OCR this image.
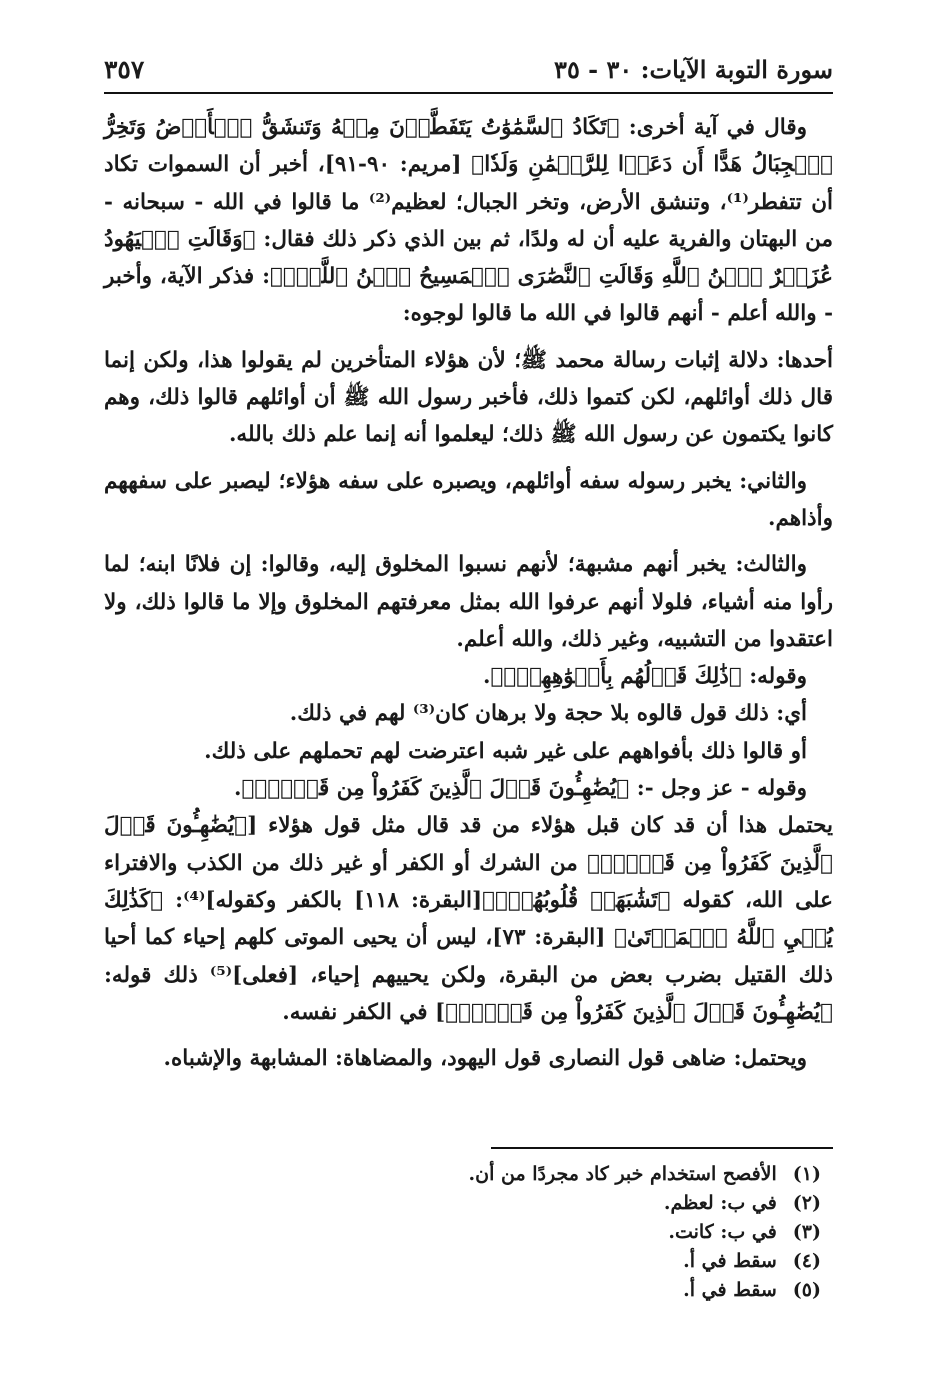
سورة التوبة الآيات: ٣٠ - ٣٥
٣٥٧

وقال في آية أخرى: ﴿تَكَادُ ٱلسَّمَٰوَٰتُ يَتَفَطَّرۡنَ مِنۡهُ وَتَنشَقُّ ٱلۡأَرۡضُ وَتَخِرُّ ٱلۡجِبَالُ هَدًّا أَن دَعَوۡا لِلرَّحۡمَٰنِ وَلَدٗا﴾ [مريم: ٩٠-٩١]، أخبر أن السموات تكاد أن تتفطر⁽¹⁾، وتنشق الأرض، وتخر الجبال؛ لعظيم⁽²⁾ ما قالوا في الله - سبحانه - من البهتان والفرية عليه أن له ولدًا، ثم بين الذي ذكر ذلك فقال: ﴿وَقَالَتِ ٱلۡيَهُودُ عُزَيۡرٌ ٱبۡنُ ٱللَّهِ وَقَالَتِ ٱلنَّصَٰرَى ٱلۡمَسِيحُ ٱبۡنُ ٱللَّهِۖ﴾: فذكر الآية، وأخبر - والله أعلم - أنهم قالوا في الله ما قالوا لوجوه:

أحدها: دلالة إثبات رسالة محمد ﷺ؛ لأن هؤلاء المتأخرين لم يقولوا هذا، ولكن إنما قال ذلك أوائلهم، لكن كتموا ذلك، فأخبر رسول الله ﷺ أن أوائلهم قالوا ذلك، وهم كانوا يكتمون عن رسول الله ﷺ ذلك؛ ليعلموا أنه إنما علم ذلك بالله.

والثاني: يخبر رسوله سفه أوائلهم، ويصبره على سفه هؤلاء؛ ليصبر على سفههم وأذاهم.

والثالث: يخبر أنهم مشبهة؛ لأنهم نسبوا المخلوق إليه، وقالوا: إن فلانًا ابنه؛ لما رأوا منه أشياء، فلولا أنهم عرفوا الله بمثل معرفتهم المخلوق وإلا ما قالوا ذلك، ولا اعتقدوا من التشبيه، وغير ذلك، والله أعلم.

وقوله: ﴿ذَٰلِكَ قَوۡلُهُم بِأَفۡوَٰهِهِمۡۖ﴾.

أي: ذلك قول قالوه بلا حجة ولا برهان كان⁽³⁾ لهم في ذلك.

أو قالوا ذلك بأفواههم على غير شبه اعترضت لهم تحملهم على ذلك.

وقوله - عز وجل -: ﴿يُضَٰهِـُٔونَ قَوۡلَ ٱلَّذِينَ كَفَرُواْ مِن قَبۡلُۚ﴾.

يحتمل هذا أن قد كان قبل هؤلاء من قد قال مثل قول هؤلاء [﴿يُضَٰهِـُٔونَ قَوۡلَ ٱلَّذِينَ كَفَرُواْ مِن قَبۡلُۚ﴾ من الشرك أو الكفر أو غير ذلك من الكذب والافتراء على الله، كقوله ﴿تَشَٰبَهَتۡ قُلُوبُهُمۡۗ﴾[البقرة: ١١٨] بالكفر وكقوله]⁽⁴⁾: ﴿كَذَٰلِكَ يُحۡيِ ٱللَّهُ ٱلۡمَوۡتَىٰ﴾ [البقرة: ٧٣]، ليس أن يحيى الموتى كلهم إحياء كما أحيا ذلك القتيل بضرب بعض من البقرة، ولكن يحييهم إحياء، [فعلى]⁽⁵⁾ ذلك قوله: ﴿يُضَٰهِـُٔونَ قَوۡلَ ٱلَّذِينَ كَفَرُواْ مِن قَبۡلُۚ﴾] في الكفر نفسه.

ويحتمل: ضاهى قول النصارى قول اليهود، والمضاهاة: المشابهة والإشباه.

(١)
الأفصح استخدام خبر كاد مجردًا من أن.
(٢)
في ب: لعظم.
(٣)
في ب: كانت.
(٤)
سقط في أ.
(٥)
سقط في أ.
